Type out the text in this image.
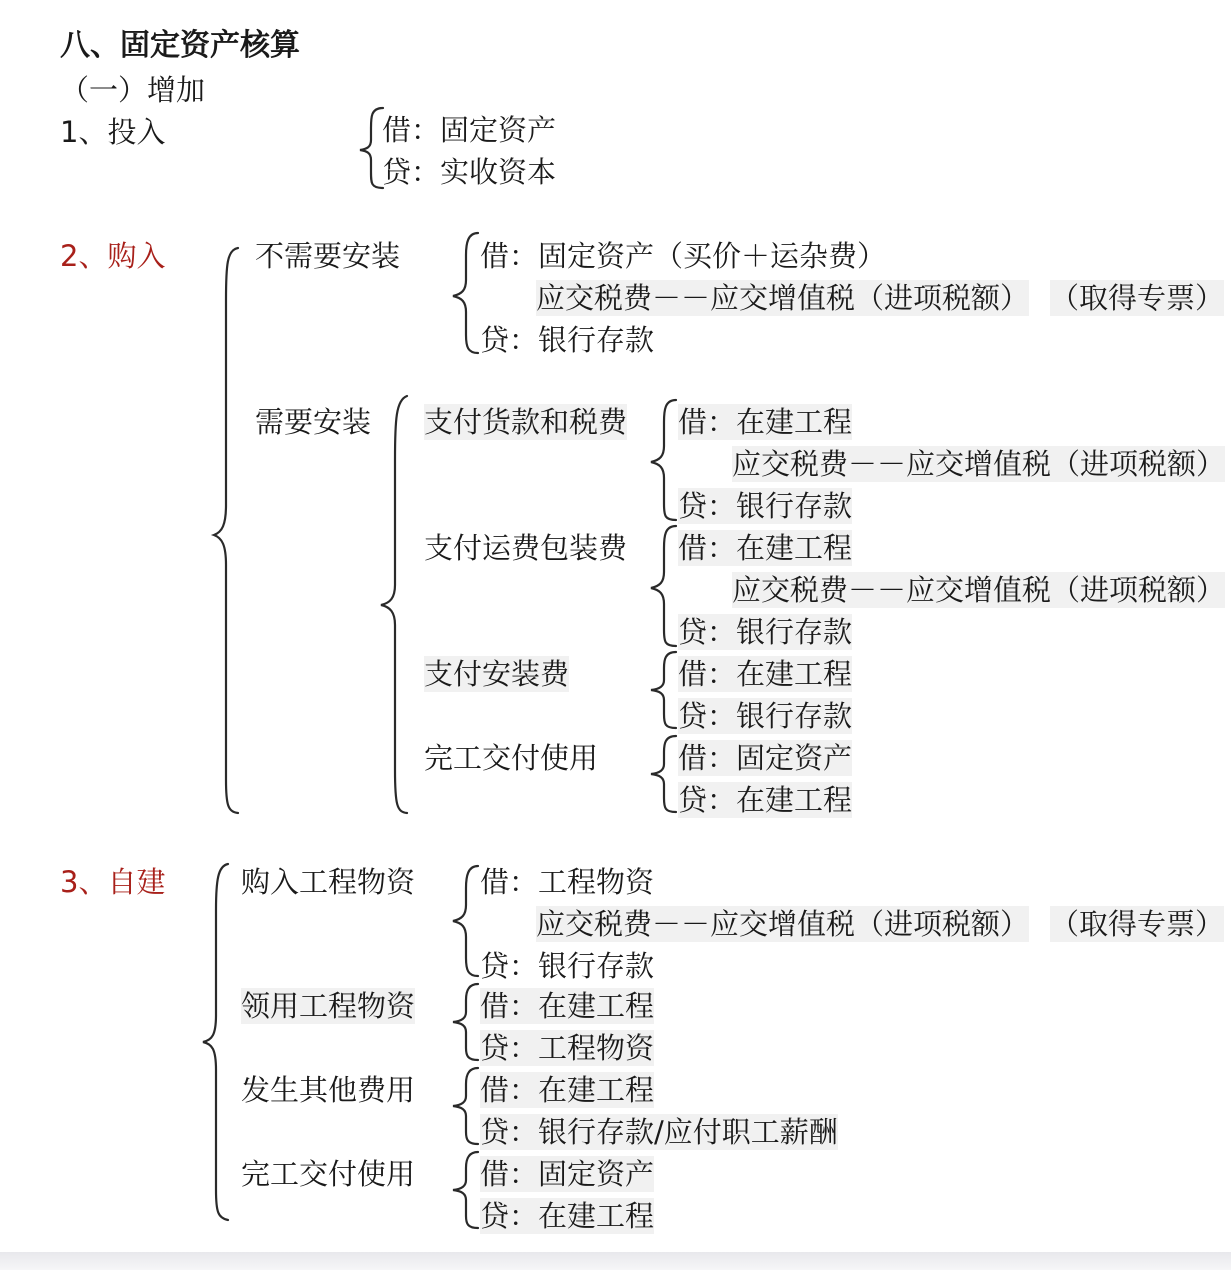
八、固定资产核算
（一）增加
1、投入	借：固定资产
贷：实收资本
2、购入	不需要安装	借：固定资产（买价＋运杂费）
应交税费－－应交增值税（进项税额） （取得专票）
贷：银行存款
需要安装 支付货款和税费 借：在建工程
应交税费－－应交增值税（进项税额）
贷：银行存款
支付运费包装费 借：在建工程
应交税费－－应交增值税（进项税额）
贷：银行存款
支付安装费	借：在建工程
贷：银行存款
完工交付使用	借：固定资产
贷：在建工程
3、自建	购入工程物资 借：工程物资
应交税费－－应交增值税（进项税额） （取得专票）
贷：银行存款
领用工程物资 借：在建工程
贷：工程物资
发生其他费用 借：在建工程
贷：银行存款/应付职工薪酬
完工交付使用 借：固定资产
贷：在建工程
